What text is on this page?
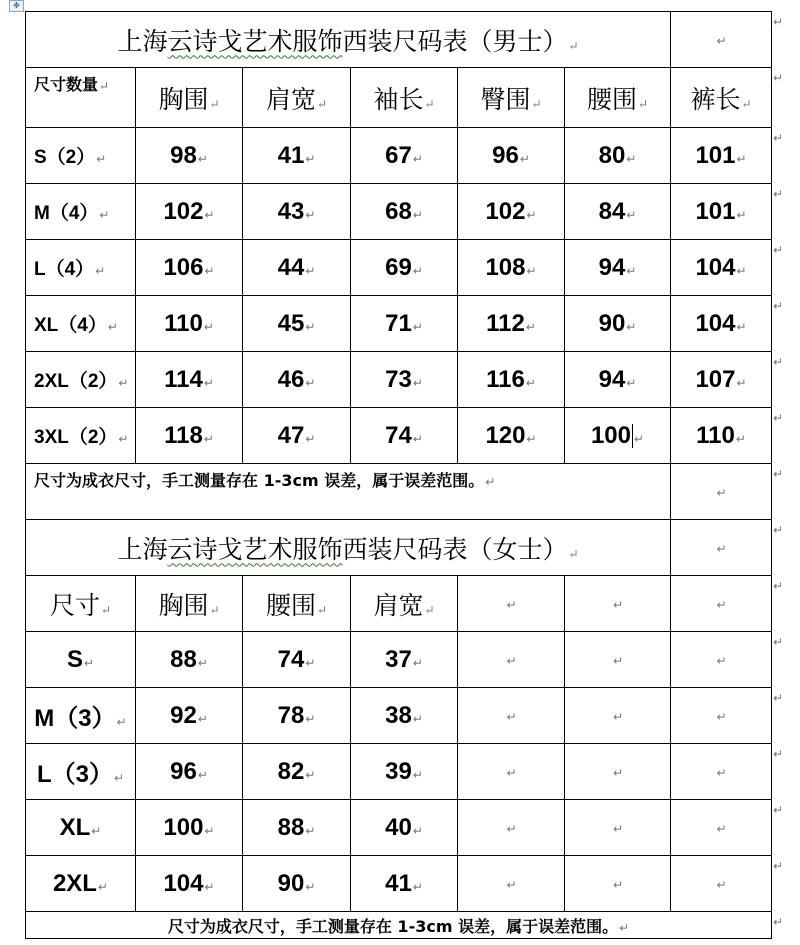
✥
上海云诗戈艺术服饰西装尺码表（男士）↵						↵
尺寸数量↵	胸围↵	肩宽↵	袖长↵	臀围↵	腰围↵	裤长↵
S（2）↵	98↵	41↵	67↵	96↵	80↵	101↵
M（4）↵	102↵	43↵	68↵	102↵	84↵	101↵
L（4）↵	106↵	44↵	69↵	108↵	94↵	104↵
XL（4）↵	110↵	45↵	71↵	112↵	90↵	104↵
2XL（2）↵	114↵	46↵	73↵	116↵	94↵	107↵
3XL（2）↵	118↵	47↵	74↵	120↵	100 ↵	110↵
尺寸为成衣尺寸，手工测量存在 1-3cm 误差，属于误差范围。↵						↵
上海云诗戈艺术服饰西装尺码表（女士）↵						↵
尺寸↵	胸围↵	腰围↵	肩宽↵	↵	↵	↵
S↵	88↵	74↵	37↵	↵	↵	↵
M（3）↵	92↵	78↵	38↵	↵	↵	↵
L（3）↵	96↵	82↵	39↵	↵	↵	↵
XL↵	100↵	88↵	40↵	↵	↵	↵
2XL↵	104↵	90↵	41↵	↵	↵	↵
尺寸为成衣尺寸，手工测量存在 1-3cm 误差，属于误差范围。↵						
↵
↵
↵
↵
↵
↵
↵
↵
↵
↵
↵
↵
↵
↵
↵
↵
↵
